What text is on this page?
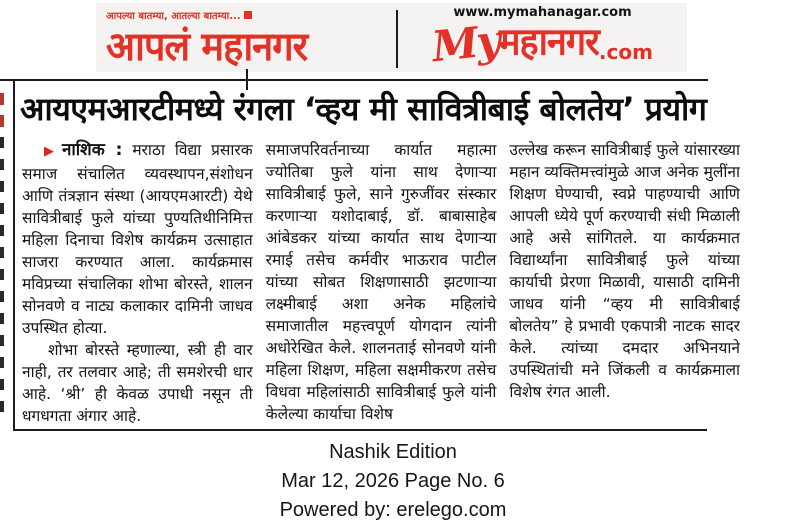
आपल्या बातम्या, आतल्या बातम्या...
आपलं महानगर
www.mymahanagar.com
My
महानगर .com
आयएमआरटीमध्ये रंगला ‘व्हय मी सावित्रीबाई बोलतेय’ प्रयोग

▶ नाशिक : मराठा विद्या प्रसारक समाज संचालित व्यवस्थापन,संशोधन आणि तंत्रज्ञान संस्था (आयएमआरटी) येथे सावित्रीबाई फुले यांच्या पुण्यतिथीनिमित्त महिला दिनाचा विशेष कार्यक्रम उत्साहात साजरा करण्यात आला. कार्यक्रमास मविप्रच्या संचालिका शोभा बोरस्ते, शालन सोनवणे व नाट्य कलाकार दामिनी जाधव उपस्थित होत्या.

शोभा बोरस्ते म्हणाल्या, स्त्री ही वार नाही, तर तलवार आहे; ती समशेरची धार आहे. ‘श्री’ ही केवळ उपाधी नसून ती धगधगता अंगार आहे.

समाजपरिवर्तनाच्या कार्यात महात्मा ज्योतिबा फुले यांना साथ देणाऱ्या सावित्रीबाई फुले, साने गुरुजींवर संस्कार करणाऱ्या यशोदाबाई, डॉ. बाबासाहेब आंबेडकर यांच्या कार्यात साथ देणाऱ्या रमाई तसेच कर्मवीर भाऊराव पाटील यांच्या सोबत शिक्षणासाठी झटणाऱ्या लक्ष्मीबाई अशा अनेक महिलांचे समाजातील महत्त्वपूर्ण योगदान त्यांनी अधोरेखित केले. शालनताई सोनवणे यांनी महिला शिक्षण, महिला सक्षमीकरण तसेच विधवा महिलांसाठी सावित्रीबाई फुले यांनी केलेल्या कार्याचा विशेष

उल्लेख करून सावित्रीबाई फुले यांसारख्या महान व्यक्तिमत्त्वांमुळे आज अनेक मुलींना शिक्षण घेण्याची, स्वप्ने पाहण्याची आणि आपली ध्येये पूर्ण करण्याची संधी मिळाली आहे असे सांगितले. या कार्यक्रमात विद्यार्थ्यांना सावित्रीबाई फुले यांच्या कार्याची प्रेरणा मिळावी, यासाठी दामिनी जाधव यांनी “व्हय मी सावित्रीबाई बोलतेय” हे प्रभावी एकपात्री नाटक सादर केले. त्यांच्या दमदार अभिनयाने उपस्थितांची मने जिंकली व कार्यक्रमाला विशेष रंगत आली.

Nashik Edition
Mar 12, 2026 Page No. 6
Powered by: erelego.com
